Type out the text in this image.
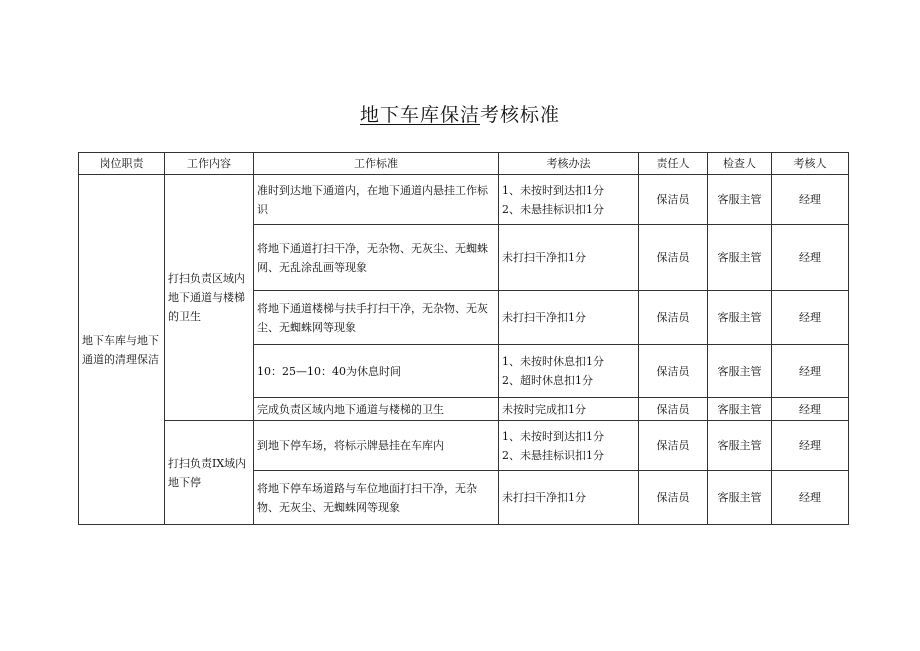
地下车库保洁考核标准
岗位职责	工作内容	工作标准	考核办法	责任人	检查人	考核人
地下车库与地下通道的清理保洁	打扫负责区域内地下通道与楼梯的卫生	准时到达地下通道内，在地下通道内悬挂工作标识	1、未按时到达扣1分
2、未悬挂标识扣1分	保洁员	客服主管	经理
		将地下通道打扫干净，无杂物、无灰尘、无蜘蛛网、无乱涂乱画等现象	未打扫干净扣1分	保洁员	客服主管	经理
		将地下通道楼梯与扶手打扫干净，无杂物、无灰尘、无蜘蛛网等现象	未打扫干净扣1分	保洁员	客服主管	经理
		10：25—10：40为休息时间	1、未按时休息扣1分
2、超时休息扣1分	保洁员	客服主管	经理
		完成负责区域内地下通道与楼梯的卫生	未按时完成扣1分	保洁员	客服主管	经理
	打扫负责IX域内地下停	到地下停车场，将标示牌悬挂在车库内	1、未按时到达扣1分
2、未悬挂标识扣1分	保洁员	客服主管	经理
		将地下停车场道路与车位地面打扫干净，无杂物、无灰尘、无蜘蛛网等现象	未打扫干净扣1分	保洁员	客服主管	经理
